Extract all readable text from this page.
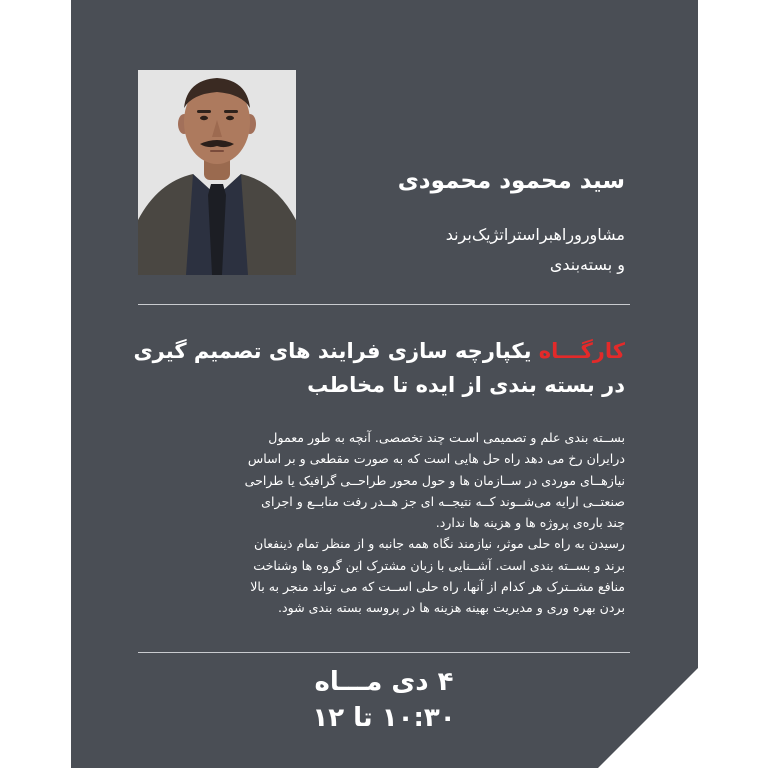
سید محمود محمودی
مشاوروراهبراستراتژیک‌برند
و بسته‌بندی
کارگـــاه یکپارچه سازی فرایند های تصمیم گیری
در بسته بندی از ایده تا مخاطب
بســته بندی علم و تصمیمی اسـت چند تخصصی. آنچه به طور معمول
درایران رخ می دهد راه حل هایی است که به صورت مقطعی و بر اساس
نیازهــای موردی در ســازمان ها و حول محور طراحــی گرافیک یا طراحی
صنعتــی ارایه می‌شــوند کــه نتیجــه ای جز هــدر رفت منابــع و اجرای
چند باره‌ی پروژه ها و هزینه ها ندارد.
رسیدن به راه حلی موثر، نیازمند نگاه همه جانبه و از منظر تمام ذینفعان
برند و بســته بندی است. آشــنایی با زبان مشترک این گروه ها وشناخت
منافع مشــترک هر کدام از آنها، راه حلی اســت که می تواند منجر به بالا
بردن بهره وری و مدیریت بهینه هزینه ها در پروسه بسته بندی شود.
۴ دی مـــاه
۱۰:۳۰ تا ۱۲
